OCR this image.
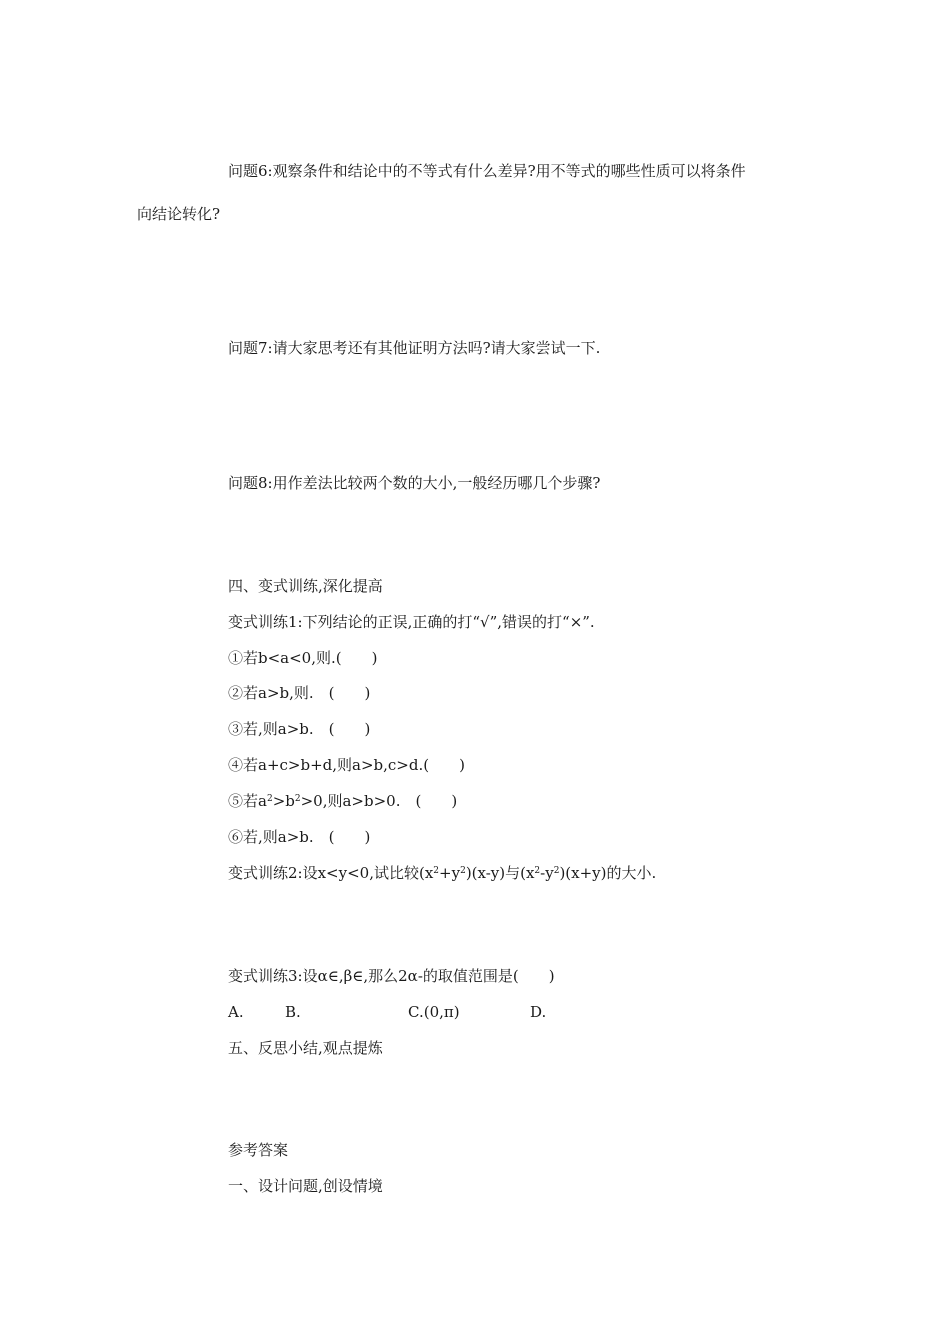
问题6:观察条件和结论中的不等式有什么差异?用不等式的哪些性质可以将条件
向结论转化?
问题7:请大家思考还有其他证明方法吗?请大家尝试一下.
问题8:用作差法比较两个数的大小,一般经历哪几个步骤?
四、变式训练,深化提高
变式训练1:下列结论的正误,正确的打“√”,错误的打“×”.
①若b<a<0,则.(　　)
②若a>b,则.　(　　)
③若,则a>b.　(　　)
④若a+c>b+d,则a>b,c>d.(　　)
⑤若$a^2>b^2>0$,则a>b>0.　(　　)
⑥若,则a>b.　(　　)
变式训练2:设x<y<0,试比较$(x^2+y^2)(x-y)$与$(x^2-y^2)(x+y)$的大小.
变式训练3:设α∈,β∈,那么2α-的取值范围是(　　)
A.	B.	C.(0,π)	D.
五、反思小结,观点提炼
参考答案
一、设计问题,创设情境
